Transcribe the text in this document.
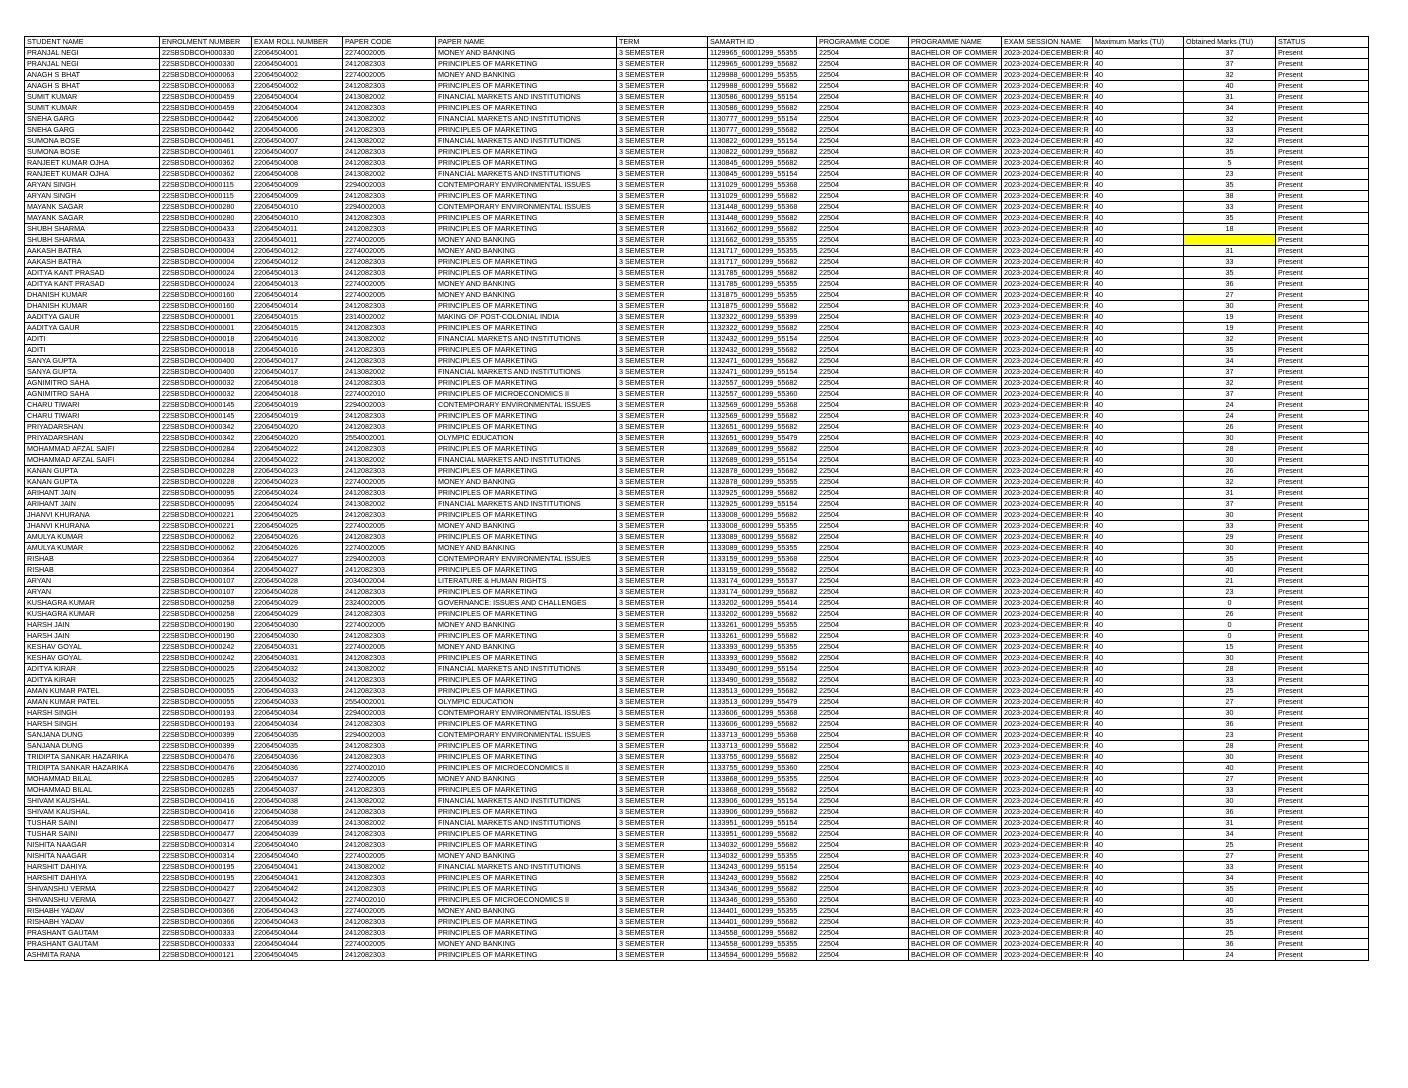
STUDENT NAME	ENROLMENT NUMBER	EXAM ROLL NUMBER	PAPER CODE	PAPER NAME	TERM	SAMARTH ID	PROGRAMME CODE	PROGRAMME NAME	EXAM SESSION NAME	Maximum Marks (TU)	Obtained Marks (TU)	STATUS
PRANJAL NEGI	22SBSDBCOH000330	22064504001	2274002005	MONEY AND BANKING	3 SEMESTER	1129965_60001299_55355	22504	BACHELOR OF COMMER	2023-2024-DECEMBER:R	40	37	Present
PRANJAL NEGI	22SBSDBCOH000330	22064504001	2412082303	PRINCIPLES OF MARKETING	3 SEMESTER	1129965_60001299_55682	22504	BACHELOR OF COMMER	2023-2024-DECEMBER:R	40	37	Present
ANAGH S BHAT	22SBSDBCOH000063	22064504002	2274002005	MONEY AND BANKING	3 SEMESTER	1129988_60001299_55355	22504	BACHELOR OF COMMER	2023-2024-DECEMBER:R	40	32	Present
ANAGH S BHAT	22SBSDBCOH000063	22064504002	2412082303	PRINCIPLES OF MARKETING	3 SEMESTER	1129988_60001299_55682	22504	BACHELOR OF COMMER	2023-2024-DECEMBER:R	40	40	Present
SUMIT KUMAR	22SBSDBCOH000459	22064504004	2413082002	FINANCIAL MARKETS AND INSTITUTIONS	3 SEMESTER	1130586_60001299_55154	22504	BACHELOR OF COMMER	2023-2024-DECEMBER:R	40	31	Present
SUMIT KUMAR	22SBSDBCOH000459	22064504004	2412082303	PRINCIPLES OF MARKETING	3 SEMESTER	1130586_60001299_55682	22504	BACHELOR OF COMMER	2023-2024-DECEMBER:R	40	34	Present
SNEHA GARG	22SBSDBCOH000442	22064504006	2413082002	FINANCIAL MARKETS AND INSTITUTIONS	3 SEMESTER	1130777_60001299_55154	22504	BACHELOR OF COMMER	2023-2024-DECEMBER:R	40	32	Present
SNEHA GARG	22SBSDBCOH000442	22064504006	2412082303	PRINCIPLES OF MARKETING	3 SEMESTER	1130777_60001299_55682	22504	BACHELOR OF COMMER	2023-2024-DECEMBER:R	40	33	Present
SUMONA BOSE	22SBSDBCOH000461	22064504007	2413082002	FINANCIAL MARKETS AND INSTITUTIONS	3 SEMESTER	1130822_60001299_55154	22504	BACHELOR OF COMMER	2023-2024-DECEMBER:R	40	32	Present
SUMONA BOSE	22SBSDBCOH000461	22064504007	2412082303	PRINCIPLES OF MARKETING	3 SEMESTER	1130822_60001299_55682	22504	BACHELOR OF COMMER	2023-2024-DECEMBER:R	40	35	Present
RANJEET KUMAR OJHA	22SBSDBCOH000362	22064504008	2412082303	PRINCIPLES OF MARKETING	3 SEMESTER	1130845_60001299_55682	22504	BACHELOR OF COMMER	2023-2024-DECEMBER:R	40	5	Present
RANJEET KUMAR OJHA	22SBSDBCOH000362	22064504008	2413082002	FINANCIAL MARKETS AND INSTITUTIONS	3 SEMESTER	1130845_60001299_55154	22504	BACHELOR OF COMMER	2023-2024-DECEMBER:R	40	23	Present
ARYAN SINGH	22SBSDBCOH000115	22064504009	2294002003	CONTEMPORARY ENVIRONMENTAL ISSUES	3 SEMESTER	1131029_60001299_55368	22504	BACHELOR OF COMMER	2023-2024-DECEMBER:R	40	35	Present
ARYAN SINGH	22SBSDBCOH000115	22064504009	2412082303	PRINCIPLES OF MARKETING	3 SEMESTER	1131029_60001299_55682	22504	BACHELOR OF COMMER	2023-2024-DECEMBER:R	40	38	Present
MAYANK SAGAR	22SBSDBCOH000280	22064504010	2294002003	CONTEMPORARY ENVIRONMENTAL ISSUES	3 SEMESTER	1131448_60001299_55368	22504	BACHELOR OF COMMER	2023-2024-DECEMBER:R	40	33	Present
MAYANK SAGAR	22SBSDBCOH000280	22064504010	2412082303	PRINCIPLES OF MARKETING	3 SEMESTER	1131448_60001299_55682	22504	BACHELOR OF COMMER	2023-2024-DECEMBER:R	40	35	Present
SHUBH SHARMA	22SBSDBCOH000433	22064504011	2412082303	PRINCIPLES OF MARKETING	3 SEMESTER	1131662_60001299_55682	22504	BACHELOR OF COMMER	2023-2024-DECEMBER:R	40	18	Present
SHUBH SHARMA	22SBSDBCOH000433	22064504011	2274002005	MONEY AND BANKING	3 SEMESTER	1131662_60001299_55355	22504	BACHELOR OF COMMER	2023-2024-DECEMBER:R	40		Present
AAKASH BATRA	22SBSDBCOH000004	22064504012	2274002005	MONEY AND BANKING	3 SEMESTER	1131717_60001299_55355	22504	BACHELOR OF COMMER	2023-2024-DECEMBER:R	40	31	Present
AAKASH BATRA	22SBSDBCOH000004	22064504012	2412082303	PRINCIPLES OF MARKETING	3 SEMESTER	1131717_60001299_55682	22504	BACHELOR OF COMMER	2023-2024-DECEMBER:R	40	33	Present
ADITYA KANT PRASAD	22SBSDBCOH000024	22064504013	2412082303	PRINCIPLES OF MARKETING	3 SEMESTER	1131785_60001299_55682	22504	BACHELOR OF COMMER	2023-2024-DECEMBER:R	40	35	Present
ADITYA KANT PRASAD	22SBSDBCOH000024	22064504013	2274002005	MONEY AND BANKING	3 SEMESTER	1131785_60001299_55355	22504	BACHELOR OF COMMER	2023-2024-DECEMBER:R	40	36	Present
DHANISH KUMAR	22SBSDBCOH000160	22064504014	2274002005	MONEY AND BANKING	3 SEMESTER	1131875_60001299_55355	22504	BACHELOR OF COMMER	2023-2024-DECEMBER:R	40	27	Present
DHANISH KUMAR	22SBSDBCOH000160	22064504014	2412082303	PRINCIPLES OF MARKETING	3 SEMESTER	1131875_60001299_55682	22504	BACHELOR OF COMMER	2023-2024-DECEMBER:R	40	30	Present
AADITYA GAUR	22SBSDBCOH000001	22064504015	2314002002	MAKING OF POST-COLONIAL INDIA	3 SEMESTER	1132322_60001299_55399	22504	BACHELOR OF COMMER	2023-2024-DECEMBER:R	40	19	Present
AADITYA GAUR	22SBSDBCOH000001	22064504015	2412082303	PRINCIPLES OF MARKETING	3 SEMESTER	1132322_60001299_55682	22504	BACHELOR OF COMMER	2023-2024-DECEMBER:R	40	19	Present
ADITI	22SBSDBCOH000018	22064504016	2413082002	FINANCIAL MARKETS AND INSTITUTIONS	3 SEMESTER	1132432_60001299_55154	22504	BACHELOR OF COMMER	2023-2024-DECEMBER:R	40	32	Present
ADITI	22SBSDBCOH000018	22064504016	2412082303	PRINCIPLES OF MARKETING	3 SEMESTER	1132432_60001299_55682	22504	BACHELOR OF COMMER	2023-2024-DECEMBER:R	40	35	Present
SANYA GUPTA	22SBSDBCOH000400	22064504017	2412082303	PRINCIPLES OF MARKETING	3 SEMESTER	1132471_60001299_55682	22504	BACHELOR OF COMMER	2023-2024-DECEMBER:R	40	34	Present
SANYA GUPTA	22SBSDBCOH000400	22064504017	2413082002	FINANCIAL MARKETS AND INSTITUTIONS	3 SEMESTER	1132471_60001299_55154	22504	BACHELOR OF COMMER	2023-2024-DECEMBER:R	40	37	Present
AGNIMITRO SAHA	22SBSDBCOH000032	22064504018	2412082303	PRINCIPLES OF MARKETING	3 SEMESTER	1132557_60001299_55682	22504	BACHELOR OF COMMER	2023-2024-DECEMBER:R	40	32	Present
AGNIMITRO SAHA	22SBSDBCOH000032	22064504018	2274002010	PRINCIPLES OF MICROECONOMICS II	3 SEMESTER	1132557_60001299_55360	22504	BACHELOR OF COMMER	2023-2024-DECEMBER:R	40	37	Present
CHARU TIWARI	22SBSDBCOH000145	22064504019	2294002003	CONTEMPORARY ENVIRONMENTAL ISSUES	3 SEMESTER	1132569_60001299_55368	22504	BACHELOR OF COMMER	2023-2024-DECEMBER:R	40	24	Present
CHARU TIWARI	22SBSDBCOH000145	22064504019	2412082303	PRINCIPLES OF MARKETING	3 SEMESTER	1132569_60001299_55682	22504	BACHELOR OF COMMER	2023-2024-DECEMBER:R	40	24	Present
PRIYADARSHAN	22SBSDBCOH000342	22064504020	2412082303	PRINCIPLES OF MARKETING	3 SEMESTER	1132651_60001299_55682	22504	BACHELOR OF COMMER	2023-2024-DECEMBER:R	40	26	Present
PRIYADARSHAN	22SBSDBCOH000342	22064504020	2554002001	OLYMPIC EDUCATION	3 SEMESTER	1132651_60001299_55479	22504	BACHELOR OF COMMER	2023-2024-DECEMBER:R	40	30	Present
MOHAMMAD AFZAL SAIFI	22SBSDBCOH000284	22064504022	2412082303	PRINCIPLES OF MARKETING	3 SEMESTER	1132689_60001299_55682	22504	BACHELOR OF COMMER	2023-2024-DECEMBER:R	40	28	Present
MOHAMMAD AFZAL SAIFI	22SBSDBCOH000284	22064504022	2413082002	FINANCIAL MARKETS AND INSTITUTIONS	3 SEMESTER	1132689_60001299_55154	22504	BACHELOR OF COMMER	2023-2024-DECEMBER:R	40	30	Present
KANAN GUPTA	22SBSDBCOH000228	22064504023	2412082303	PRINCIPLES OF MARKETING	3 SEMESTER	1132878_60001299_55682	22504	BACHELOR OF COMMER	2023-2024-DECEMBER:R	40	26	Present
KANAN GUPTA	22SBSDBCOH000228	22064504023	2274002005	MONEY AND BANKING	3 SEMESTER	1132878_60001299_55355	22504	BACHELOR OF COMMER	2023-2024-DECEMBER:R	40	32	Present
ARIHANT JAIN	22SBSDBCOH000095	22064504024	2412082303	PRINCIPLES OF MARKETING	3 SEMESTER	1132925_60001299_55682	22504	BACHELOR OF COMMER	2023-2024-DECEMBER:R	40	31	Present
ARIHANT JAIN	22SBSDBCOH000095	22064504024	2413082002	FINANCIAL MARKETS AND INSTITUTIONS	3 SEMESTER	1132925_60001299_55154	22504	BACHELOR OF COMMER	2023-2024-DECEMBER:R	40	37	Present
JHANVI KHURANA	22SBSDBCOH000221	22064504025	2412082303	PRINCIPLES OF MARKETING	3 SEMESTER	1133008_60001299_55682	22504	BACHELOR OF COMMER	2023-2024-DECEMBER:R	40	30	Present
JHANVI KHURANA	22SBSDBCOH000221	22064504025	2274002005	MONEY AND BANKING	3 SEMESTER	1133008_60001299_55355	22504	BACHELOR OF COMMER	2023-2024-DECEMBER:R	40	33	Present
AMULYA KUMAR	22SBSDBCOH000062	22064504026	2412082303	PRINCIPLES OF MARKETING	3 SEMESTER	1133089_60001299_55682	22504	BACHELOR OF COMMER	2023-2024-DECEMBER:R	40	29	Present
AMULYA KUMAR	22SBSDBCOH000062	22064504026	2274002005	MONEY AND BANKING	3 SEMESTER	1133089_60001299_55355	22504	BACHELOR OF COMMER	2023-2024-DECEMBER:R	40	30	Present
RISHAB	22SBSDBCOH000364	22064504027	2294002003	CONTEMPORARY ENVIRONMENTAL ISSUES	3 SEMESTER	1133159_60001299_55368	22504	BACHELOR OF COMMER	2023-2024-DECEMBER:R	40	35	Present
RISHAB	22SBSDBCOH000364	22064504027	2412082303	PRINCIPLES OF MARKETING	3 SEMESTER	1133159_60001299_55682	22504	BACHELOR OF COMMER	2023-2024-DECEMBER:R	40	40	Present
ARYAN	22SBSDBCOH000107	22064504028	2034002004	LITERATURE & HUMAN RIGHTS	3 SEMESTER	1133174_60001299_55537	22504	BACHELOR OF COMMER	2023-2024-DECEMBER:R	40	21	Present
ARYAN	22SBSDBCOH000107	22064504028	2412082303	PRINCIPLES OF MARKETING	3 SEMESTER	1133174_60001299_55682	22504	BACHELOR OF COMMER	2023-2024-DECEMBER:R	40	23	Present
KUSHAGRA KUMAR	22SBSDBCOH000258	22064504029	2324002005	GOVERNANCE: ISSUES AND CHALLENGES	3 SEMESTER	1133202_60001299_55414	22504	BACHELOR OF COMMER	2023-2024-DECEMBER:R	40	0	Present
KUSHAGRA KUMAR	22SBSDBCOH000258	22064504029	2412082303	PRINCIPLES OF MARKETING	3 SEMESTER	1133202_60001299_55682	22504	BACHELOR OF COMMER	2023-2024-DECEMBER:R	40	26	Present
HARSH JAIN	22SBSDBCOH000190	22064504030	2274002005	MONEY AND BANKING	3 SEMESTER	1133261_60001299_55355	22504	BACHELOR OF COMMER	2023-2024-DECEMBER:R	40	0	Present
HARSH JAIN	22SBSDBCOH000190	22064504030	2412082303	PRINCIPLES OF MARKETING	3 SEMESTER	1133261_60001299_55682	22504	BACHELOR OF COMMER	2023-2024-DECEMBER:R	40	0	Present
KESHAV GOYAL	22SBSDBCOH000242	22064504031	2274002005	MONEY AND BANKING	3 SEMESTER	1133393_60001299_55355	22504	BACHELOR OF COMMER	2023-2024-DECEMBER:R	40	15	Present
KESHAV GOYAL	22SBSDBCOH000242	22064504031	2412082303	PRINCIPLES OF MARKETING	3 SEMESTER	1133393_60001299_55682	22504	BACHELOR OF COMMER	2023-2024-DECEMBER:R	40	30	Present
ADITYA KIRAR	22SBSDBCOH000025	22064504032	2413082002	FINANCIAL MARKETS AND INSTITUTIONS	3 SEMESTER	1133490_60001299_55154	22504	BACHELOR OF COMMER	2023-2024-DECEMBER:R	40	28	Present
ADITYA KIRAR	22SBSDBCOH000025	22064504032	2412082303	PRINCIPLES OF MARKETING	3 SEMESTER	1133490_60001299_55682	22504	BACHELOR OF COMMER	2023-2024-DECEMBER:R	40	33	Present
AMAN KUMAR PATEL	22SBSDBCOH000055	22064504033	2412082303	PRINCIPLES OF MARKETING	3 SEMESTER	1133513_60001299_55682	22504	BACHELOR OF COMMER	2023-2024-DECEMBER:R	40	25	Present
AMAN KUMAR PATEL	22SBSDBCOH000055	22064504033	2554002001	OLYMPIC EDUCATION	3 SEMESTER	1133513_60001299_55479	22504	BACHELOR OF COMMER	2023-2024-DECEMBER:R	40	27	Present
HARSH SINGH	22SBSDBCOH000193	22064504034	2294002003	CONTEMPORARY ENVIRONMENTAL ISSUES	3 SEMESTER	1133606_60001299_55368	22504	BACHELOR OF COMMER	2023-2024-DECEMBER:R	40	30	Present
HARSH SINGH	22SBSDBCOH000193	22064504034	2412082303	PRINCIPLES OF MARKETING	3 SEMESTER	1133606_60001299_55682	22504	BACHELOR OF COMMER	2023-2024-DECEMBER:R	40	36	Present
SANJANA DUNG	22SBSDBCOH000399	22064504035	2294002003	CONTEMPORARY ENVIRONMENTAL ISSUES	3 SEMESTER	1133713_60001299_55368	22504	BACHELOR OF COMMER	2023-2024-DECEMBER:R	40	23	Present
SANJANA DUNG	22SBSDBCOH000399	22064504035	2412082303	PRINCIPLES OF MARKETING	3 SEMESTER	1133713_60001299_55682	22504	BACHELOR OF COMMER	2023-2024-DECEMBER:R	40	28	Present
TRIDIPTA SANKAR HAZARIKA	22SBSDBCOH000476	22064504036	2412082303	PRINCIPLES OF MARKETING	3 SEMESTER	1133755_60001299_55682	22504	BACHELOR OF COMMER	2023-2024-DECEMBER:R	40	30	Present
TRIDIPTA SANKAR HAZARIKA	22SBSDBCOH000476	22064504036	2274002010	PRINCIPLES OF MICROECONOMICS II	3 SEMESTER	1133755_60001299_55360	22504	BACHELOR OF COMMER	2023-2024-DECEMBER:R	40	40	Present
MOHAMMAD BILAL	22SBSDBCOH000285	22064504037	2274002005	MONEY AND BANKING	3 SEMESTER	1133868_60001299_55355	22504	BACHELOR OF COMMER	2023-2024-DECEMBER:R	40	27	Present
MOHAMMAD BILAL	22SBSDBCOH000285	22064504037	2412082303	PRINCIPLES OF MARKETING	3 SEMESTER	1133868_60001299_55682	22504	BACHELOR OF COMMER	2023-2024-DECEMBER:R	40	33	Present
SHIVAM KAUSHAL	22SBSDBCOH000416	22064504038	2413082002	FINANCIAL MARKETS AND INSTITUTIONS	3 SEMESTER	1133906_60001299_55154	22504	BACHELOR OF COMMER	2023-2024-DECEMBER:R	40	30	Present
SHIVAM KAUSHAL	22SBSDBCOH000416	22064504038	2412082303	PRINCIPLES OF MARKETING	3 SEMESTER	1133906_60001299_55682	22504	BACHELOR OF COMMER	2023-2024-DECEMBER:R	40	36	Present
TUSHAR SAINI	22SBSDBCOH000477	22064504039	2413082002	FINANCIAL MARKETS AND INSTITUTIONS	3 SEMESTER	1133951_60001299_55154	22504	BACHELOR OF COMMER	2023-2024-DECEMBER:R	40	31	Present
TUSHAR SAINI	22SBSDBCOH000477	22064504039	2412082303	PRINCIPLES OF MARKETING	3 SEMESTER	1133951_60001299_55682	22504	BACHELOR OF COMMER	2023-2024-DECEMBER:R	40	34	Present
NISHITA NAAGAR	22SBSDBCOH000314	22064504040	2412082303	PRINCIPLES OF MARKETING	3 SEMESTER	1134032_60001299_55682	22504	BACHELOR OF COMMER	2023-2024-DECEMBER:R	40	25	Present
NISHITA NAAGAR	22SBSDBCOH000314	22064504040	2274002005	MONEY AND BANKING	3 SEMESTER	1134032_60001299_55355	22504	BACHELOR OF COMMER	2023-2024-DECEMBER:R	40	27	Present
HARSHIT DAHIYA	22SBSDBCOH000195	22064504041	2413082002	FINANCIAL MARKETS AND INSTITUTIONS	3 SEMESTER	1134243_60001299_55154	22504	BACHELOR OF COMMER	2023-2024-DECEMBER:R	40	33	Present
HARSHIT DAHIYA	22SBSDBCOH000195	22064504041	2412082303	PRINCIPLES OF MARKETING	3 SEMESTER	1134243_60001299_55682	22504	BACHELOR OF COMMER	2023-2024-DECEMBER:R	40	34	Present
SHIVANSHU VERMA	22SBSDBCOH000427	22064504042	2412082303	PRINCIPLES OF MARKETING	3 SEMESTER	1134346_60001299_55682	22504	BACHELOR OF COMMER	2023-2024-DECEMBER:R	40	35	Present
SHIVANSHU VERMA	22SBSDBCOH000427	22064504042	2274002010	PRINCIPLES OF MICROECONOMICS II	3 SEMESTER	1134346_60001299_55360	22504	BACHELOR OF COMMER	2023-2024-DECEMBER:R	40	40	Present
RISHABH YADAV	22SBSDBCOH000366	22064504043	2274002005	MONEY AND BANKING	3 SEMESTER	1134401_60001299_55355	22504	BACHELOR OF COMMER	2023-2024-DECEMBER:R	40	35	Present
RISHABH YADAV	22SBSDBCOH000366	22064504043	2412082303	PRINCIPLES OF MARKETING	3 SEMESTER	1134401_60001299_55682	22504	BACHELOR OF COMMER	2023-2024-DECEMBER:R	40	35	Present
PRASHANT GAUTAM	22SBSDBCOH000333	22064504044	2412082303	PRINCIPLES OF MARKETING	3 SEMESTER	1134558_60001299_55682	22504	BACHELOR OF COMMER	2023-2024-DECEMBER:R	40	25	Present
PRASHANT GAUTAM	22SBSDBCOH000333	22064504044	2274002005	MONEY AND BANKING	3 SEMESTER	1134558_60001299_55355	22504	BACHELOR OF COMMER	2023-2024-DECEMBER:R	40	36	Present
ASHMITA RANA	22SBSDBCOH000121	22064504045	2412082303	PRINCIPLES OF MARKETING	3 SEMESTER	1134594_60001299_55682	22504	BACHELOR OF COMMER	2023-2024-DECEMBER:R	40	24	Present
